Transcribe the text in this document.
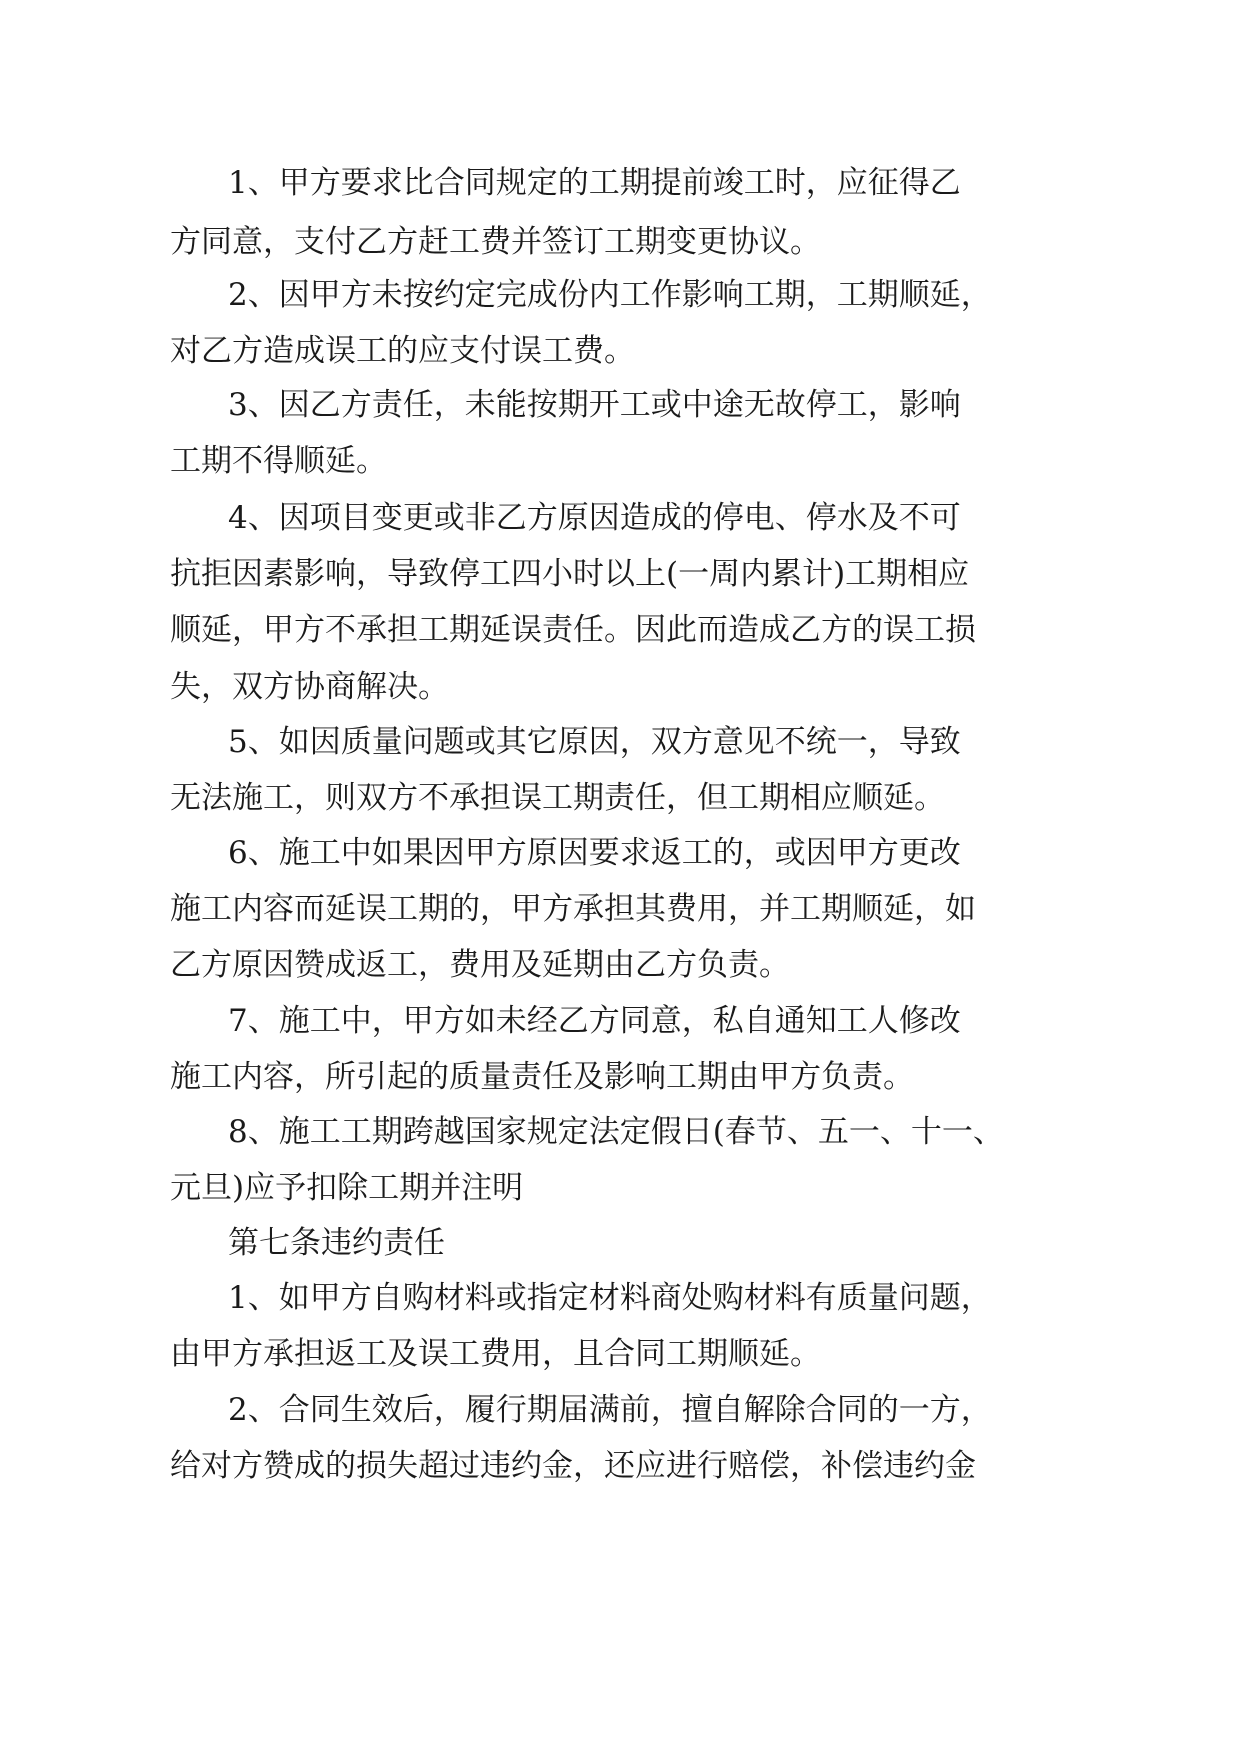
1、甲方要求比合同规定的工期提前竣工时，应征得乙
方同意，支付乙方赶工费并签订工期变更协议。
2、因甲方未按约定完成份内工作影响工期，工期顺延，
对乙方造成误工的应支付误工费。
3、因乙方责任，未能按期开工或中途无故停工，影响
工期不得顺延。
4、因项目变更或非乙方原因造成的停电、停水及不可
抗拒因素影响，导致停工四小时以上(一周内累计)工期相应
顺延，甲方不承担工期延误责任。因此而造成乙方的误工损
失，双方协商解决。
5、如因质量问题或其它原因，双方意见不统一，导致
无法施工，则双方不承担误工期责任，但工期相应顺延。
6、施工中如果因甲方原因要求返工的，或因甲方更改
施工内容而延误工期的，甲方承担其费用，并工期顺延，如
乙方原因赞成返工，费用及延期由乙方负责。
7、施工中，甲方如未经乙方同意，私自通知工人修改
施工内容，所引起的质量责任及影响工期由甲方负责。
8、施工工期跨越国家规定法定假日(春节、五一、十一、
元旦)应予扣除工期并注明
第七条违约责任
1、如甲方自购材料或指定材料商处购材料有质量问题，
由甲方承担返工及误工费用，且合同工期顺延。
2、合同生效后，履行期届满前，擅自解除合同的一方，
给对方赞成的损失超过违约金，还应进行赔偿，补偿违约金
